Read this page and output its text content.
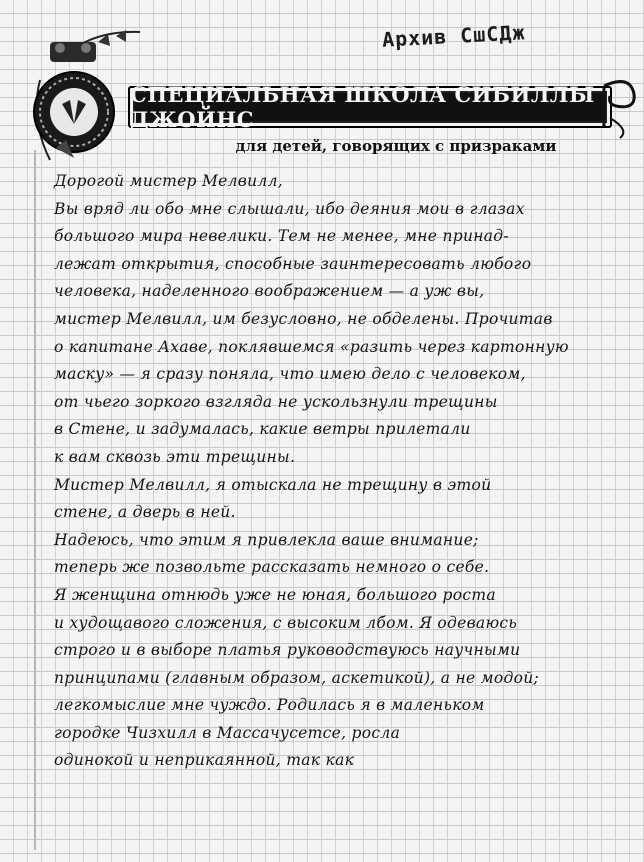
Архив СшСДж
СПЕЦИАЛЬНАЯ ШКОЛА СИБИЛЛЫ ДЖОЙНС
для детей, говорящих с призраками
Дорогой мистер Мелвилл,
Вы вряд ли обо мне слышали, ибо деяния мои в глазах
большого мира невелики. Тем не менее, мне принад-
лежат открытия, способные заинтересовать любого
человека, наделенного воображением — а уж вы,
мистер Мелвилл, им безусловно, не обделены. Прочитав
о капитане Ахаве, поклявшемся «разить через картонную
маску» — я сразу поняла, что имею дело с человеком,
от чьего зоркого взгляда не ускользнули трещины
в Стене, и задумалась, какие ветры прилетали
к вам сквозь эти трещины.
Мистер Мелвилл, я отыскала не трещину в этой
стене, а дверь в ней.
Надеюсь, что этим я привлекла ваше внимание;
теперь же позвольте рассказать немного о себе.
Я женщина отнюдь уже не юная, большого роста
и худощавого сложения, с высоким лбом. Я одеваюсь
строго и в выборе платья руководствуюсь научными
принципами (главным образом, аскетикой), а не модой;
легкомыслие мне чуждо. Родилась я в маленьком
городке Чизхилл в Массачусетсе, росла
одинокой и неприкаянной, так как
